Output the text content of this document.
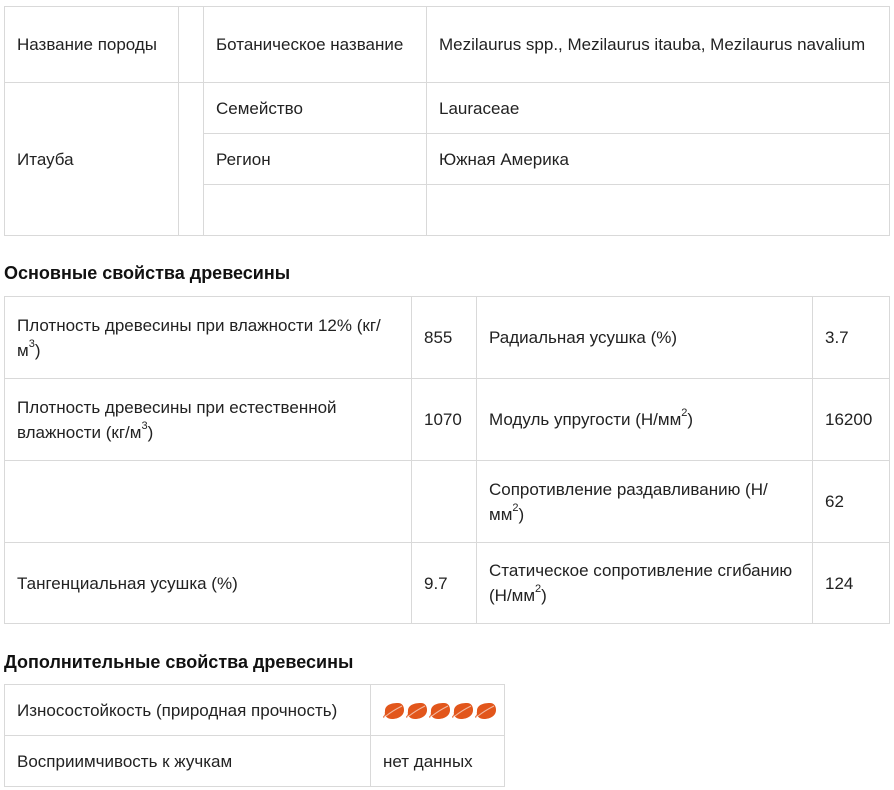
Название породы		Ботаническое название	Mezilaurus spp., Mezilaurus itauba, Mezilaurus navalium
Итауба		Семейство	Lauraceae
		Регион	Южная Америка

Основные свойства древесины
Плотность древесины при влажности 12% $(кг/м^3)$	855	Радиальная усушка (%)	3.7
Плотность древесины при естественной влажности $(кг/м^3)$	1070	Модуль упругости $(Н/мм^2)$	16200
		Сопротивление раздавливанию $(Н/мм^2)$	62
Тангенциальная усушка (%)	9.7	Статическое сопротивление сгибанию $(Н/мм^2)$	124
Дополнительные свойства древесины
Износостойкость (природная прочность)	

Восприимчивость к жучкам	нет данных
